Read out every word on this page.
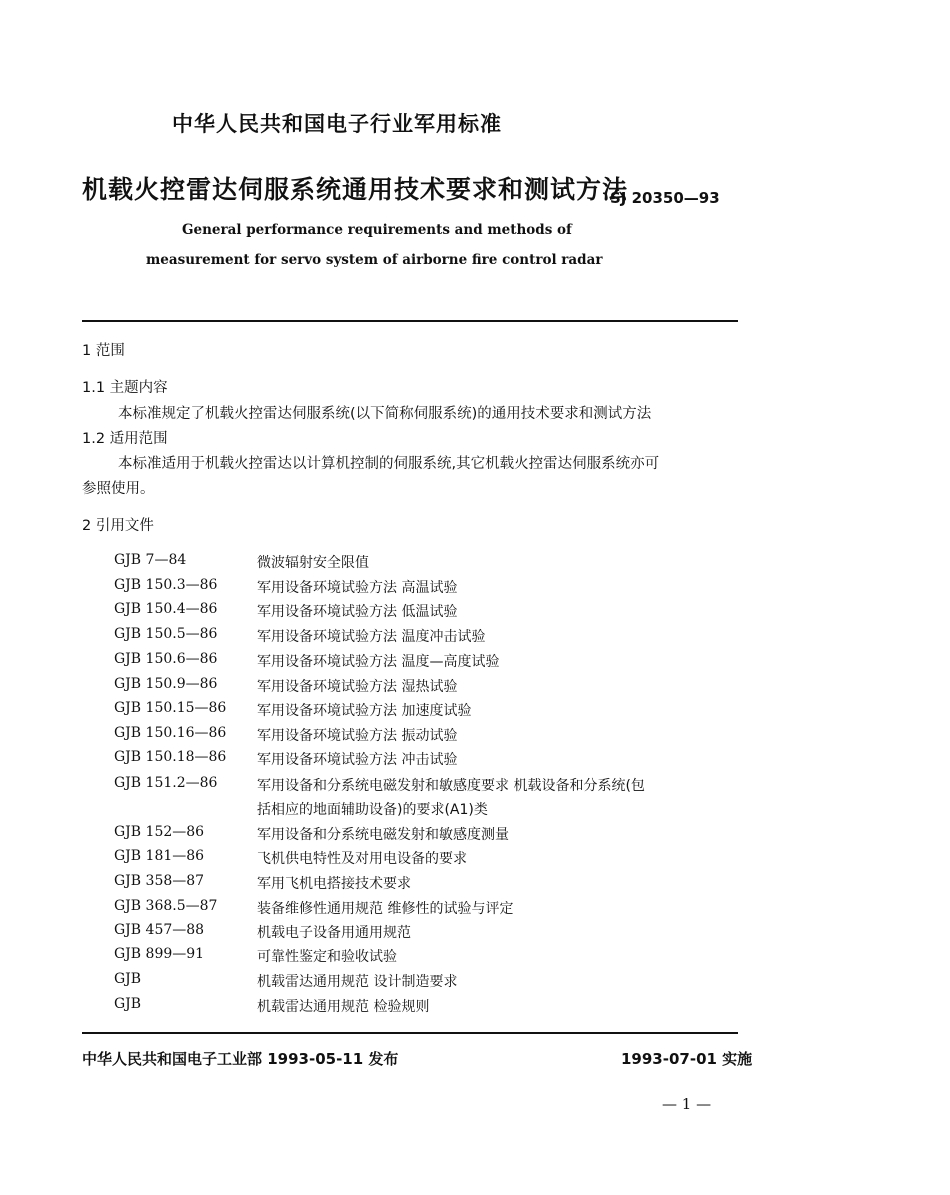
中华人民共和国电子行业军用标准
机载火控雷达伺服系统通用技术要求和测试方法
SJ 20350—93
General performance requirements and methods of
measurement for servo system of airborne fire control radar
1 范围
1.1 主题内容
本标准规定了机载火控雷达伺服系统(以下简称伺服系统)的通用技术要求和测试方法
1.2 适用范围
本标准适用于机载火控雷达以计算机控制的伺服系统,其它机载火控雷达伺服系统亦可
参照使用。
2 引用文件
GJB 7—84	微波辐射安全限值
GJB 150.3—86	军用设备环境试验方法 高温试验
GJB 150.4—86	军用设备环境试验方法 低温试验
GJB 150.5—86	军用设备环境试验方法 温度冲击试验
GJB 150.6—86	军用设备环境试验方法 温度—高度试验
GJB 150.9—86	军用设备环境试验方法 湿热试验
GJB 150.15—86 军用设备环境试验方法 加速度试验
GJB 150.16—86 军用设备环境试验方法 振动试验
GJB 150.18—86 军用设备环境试验方法 冲击试验
GJB 151.2—86	军用设备和分系统电磁发射和敏感度要求 机载设备和分系统(包
括相应的地面辅助设备)的要求(A1)类
GJB 152—86	军用设备和分系统电磁发射和敏感度测量
GJB 181—86	飞机供电特性及对用电设备的要求
GJB 358—87	军用飞机电搭接技术要求
GJB 368.5—87	装备维修性通用规范 维修性的试验与评定
GJB 457—88	机载电子设备用通用规范
GJB 899—91	可靠性鉴定和验收试验
GJB	机载雷达通用规范 设计制造要求
GJB	机载雷达通用规范 检验规则
中华人民共和国电子工业部 1993-05-11 发布	1993-07-01 实施
— 1 —
